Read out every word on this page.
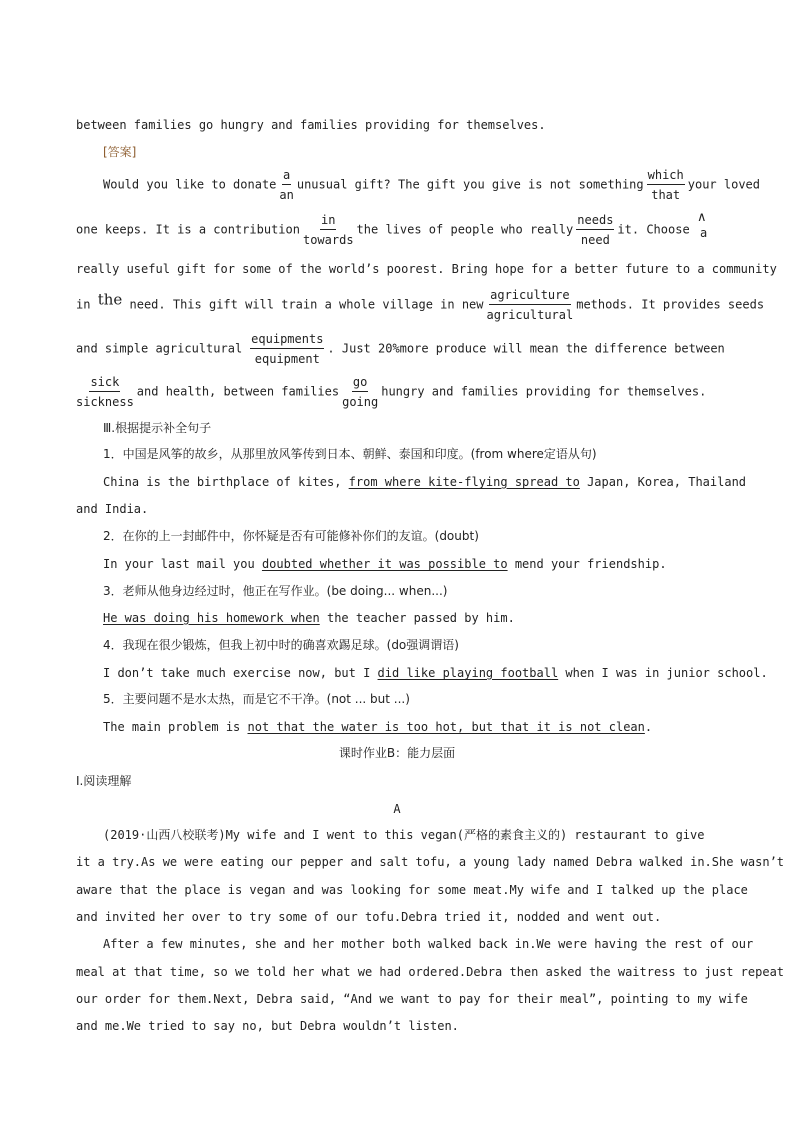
between families go hungry and families providing for themselves.
[答案]
Would you like to donate $\frac{a}{an}$ unusual gift? The gift you give is not something $\frac{\text{which}}{\text{that}}$ your loved
one keeps. It is a contribution $\frac{in}{\text{towards}}$ the lives of people who really $\frac{\text{needs}}{\text{need}}$ it. Choose
∧
a
really useful gift for some of the world’s poorest. Bring hope for a better future to a community
in the need. This gift will train a whole village in new $\frac{\text{agriculture}}{\text{agricultural}}$ methods. It provides seeds
and simple agricultural $\frac{\text{equipments}}{\text{equipment}}$ . Just 20%more produce will mean the difference between
$\frac{\text{sick}}{\text{sickness}}$ and health, between families $\frac{go}{\text{going}}$ hungry and families providing for themselves.
Ⅲ.根据提示补全句子
1．中国是风筝的故乡，从那里放风筝传到日本、朝鲜、泰国和印度。(from where定语从句)
China is the birthplace of kites, from where kite-flying spread to Japan, Korea, Thailand
and India.
2．在你的上一封邮件中，你怀疑是否有可能修补你们的友谊。(doubt)
In your last mail you doubted whether it was possible to mend your friendship.
3．老师从他身边经过时，他正在写作业。(be doing... when...)
He was doing his homework when the teacher passed by him.
4．我现在很少锻炼，但我上初中时的确喜欢踢足球。(do强调谓语)
I don’t take much exercise now, but I did like playing football when I was in junior school.
5．主要问题不是水太热，而是它不干净。(not ... but ...)
The main problem is not that the water is too hot, but that it is not clean.
课时作业B：能力层面
Ⅰ.阅读理解
A
(2019·山西八校联考)My wife and I went to this vegan(严格的素食主义的) restaurant to give
it a try.As we were eating our pepper and salt tofu, a young lady named Debra walked in.She wasn’t
aware that the place is vegan and was looking for some meat.My wife and I talked up the place
and invited her over to try some of our tofu.Debra tried it, nodded and went out.
After a few minutes, she and her mother both walked back in.We were having the rest of our
meal at that time, so we told her what we had ordered.Debra then asked the waitress to just repeat
our order for them.Next, Debra said, “And we want to pay for their meal”, pointing to my wife
and me.We tried to say no, but Debra wouldn’t listen.
